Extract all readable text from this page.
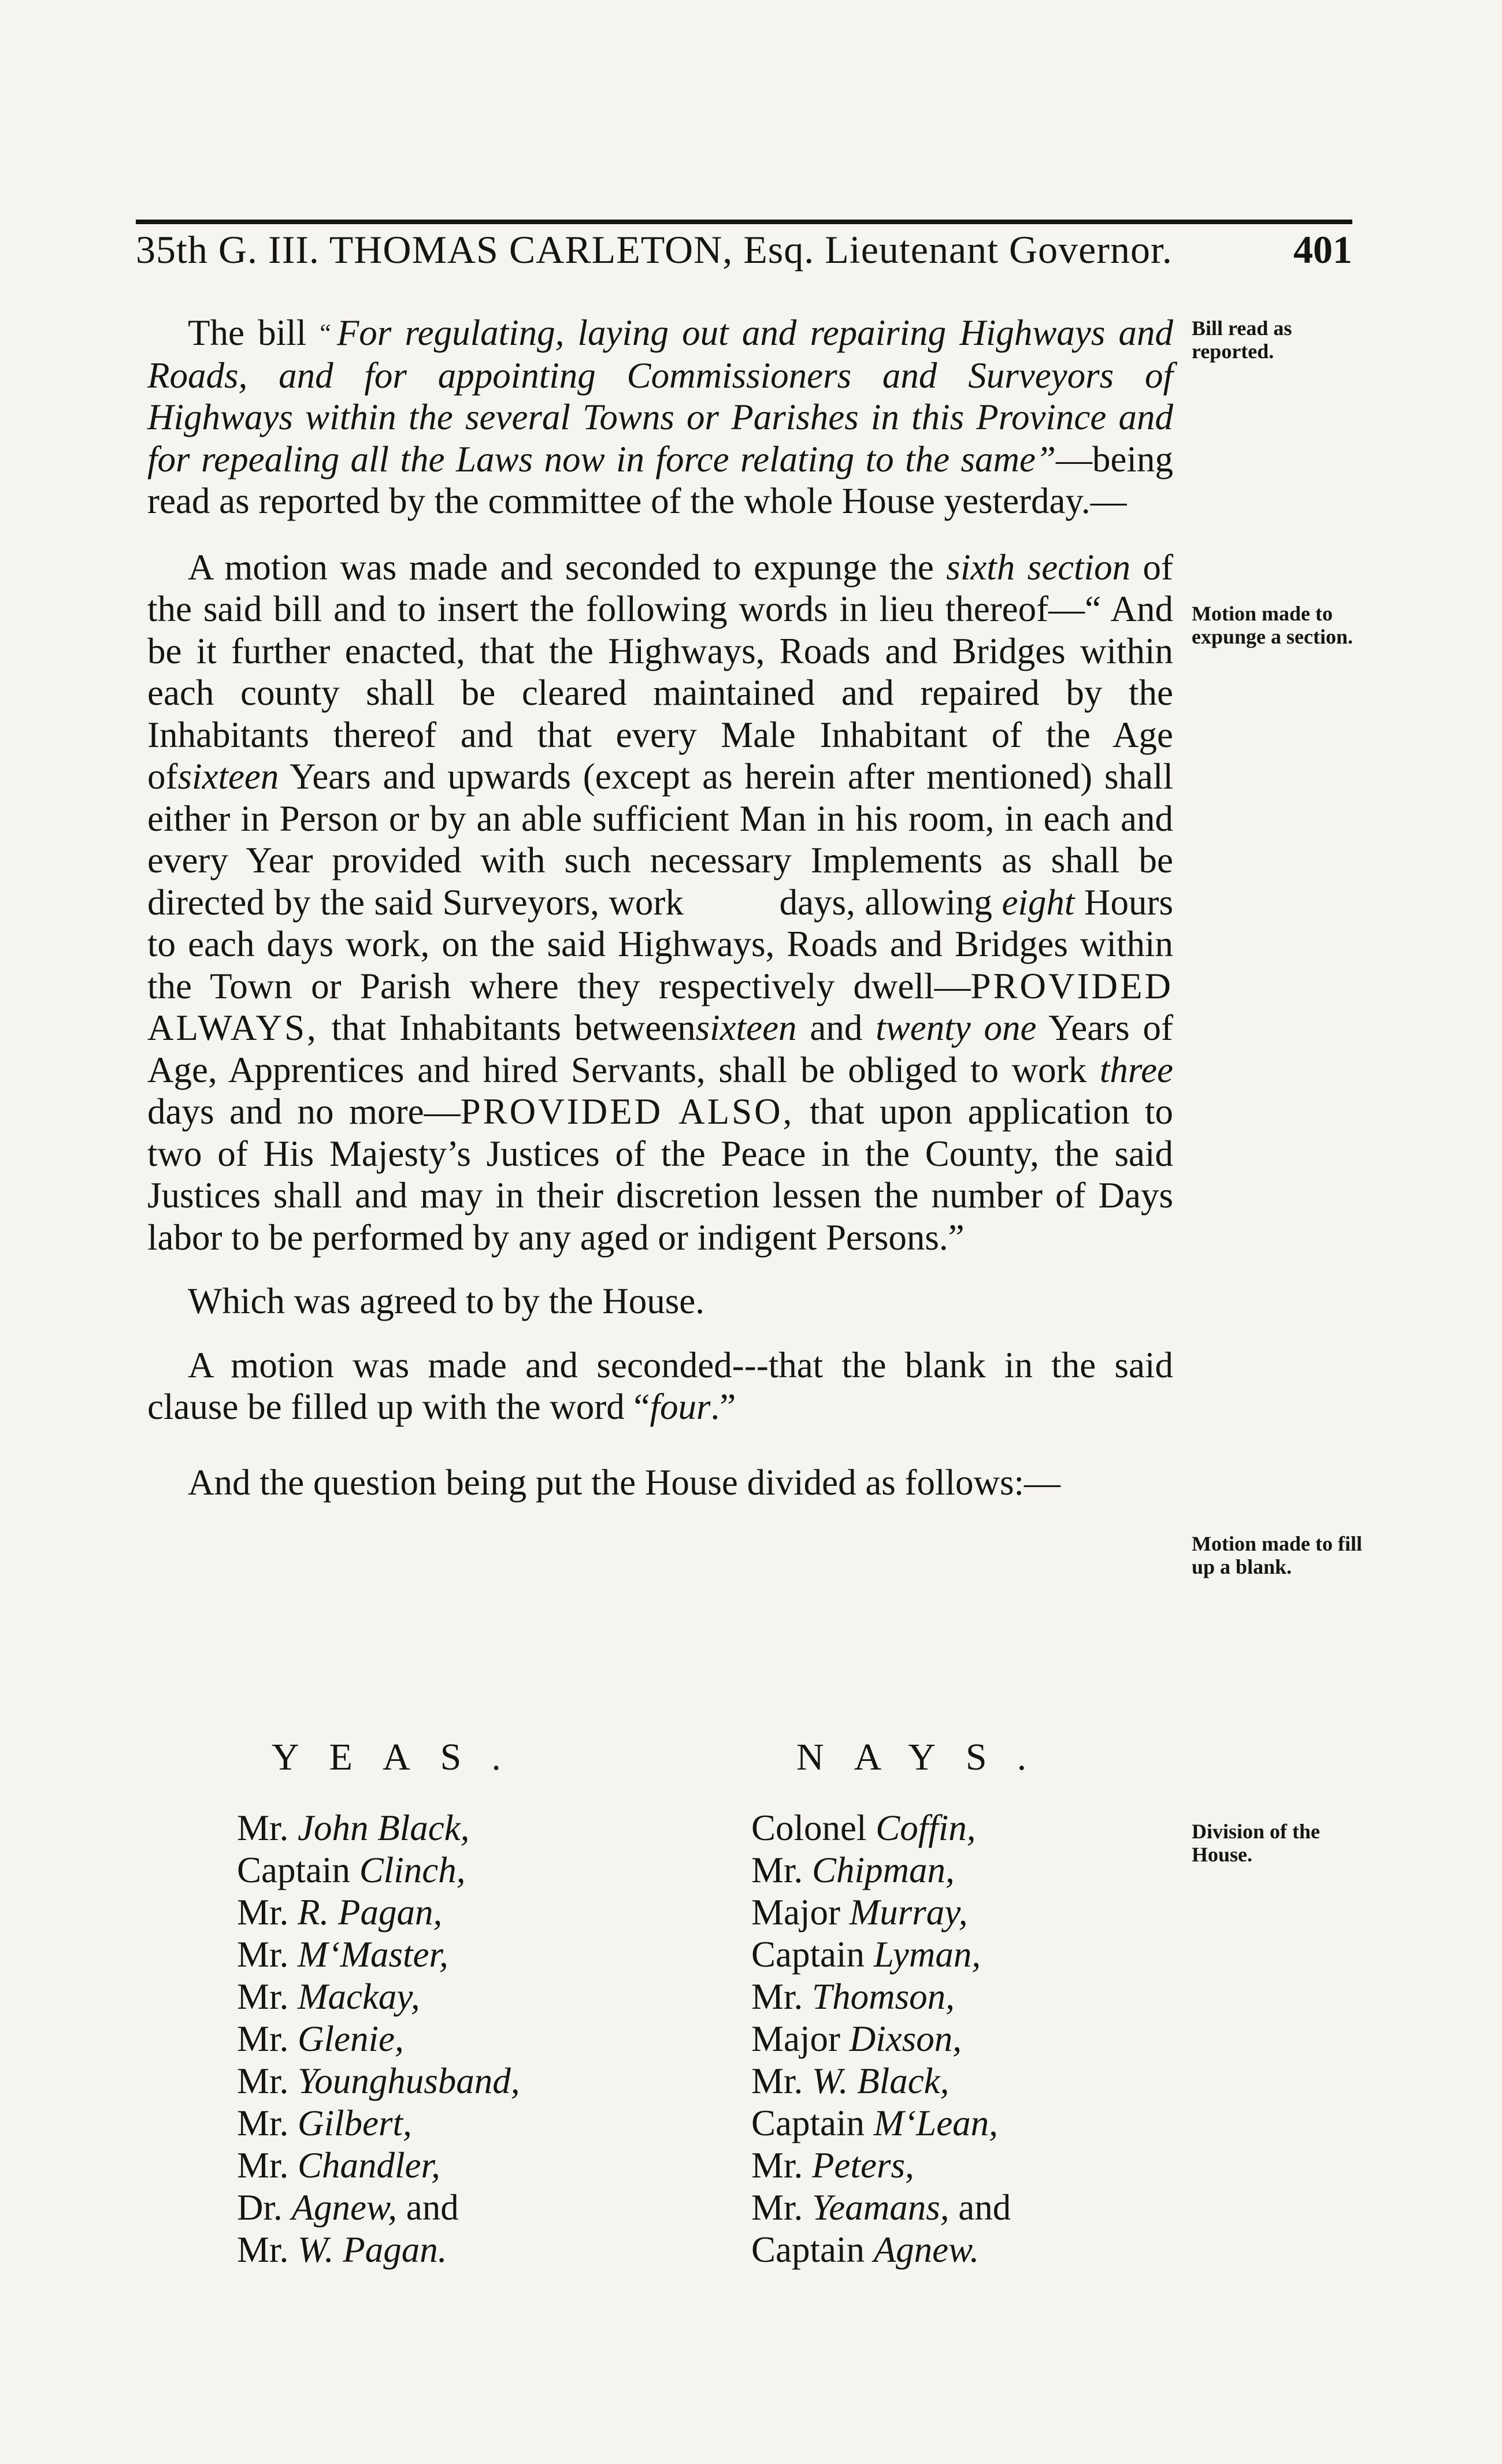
35th G. III. THOMAS CARLETON, Esq. Lieutenant Governor.	401
Bill read as reported.
Motion made to expunge a section.
Motion made to fill up a blank.
Division of the House.

The bill “ For regulating, laying out and repairing Highways and Roads, and for appointing Commissioners and Surveyors of Highways within the several Towns or Parishes in this Province and for repealing all the Laws now in force relating to the same”—being read as reported by the committee of the whole House yesterday.—

A motion was made and seconded to expunge the sixth section of the said bill and to insert the following words in lieu thereof—“ And be it further enacted, that the Highways, Roads and Bridges within each county shall be cleared maintained and repaired by the Inhabitants thereof and that every Male Inhabitant of the Age ofsixteen Years and upwards (except as herein after mentioned) shall either in Person or by an able sufficient Man in his room, in each and every Year provided with such necessary Implements as shall be directed by the said Surveyors, work          days, allowing eight Hours to each days work, on the said Highways, Roads and Bridges within the Town or Parish where they respectively dwell—PROVIDED ALWAYS, that Inhabitants betweensixteen and twenty one Years of Age, Apprentices and hired Servants, shall be obliged to work three days and no more—PROVIDED ALSO, that upon application to two of His Majesty’s Justices of the Peace in the County, the said Justices shall and may in their discretion lessen the number of Days labor to be performed by any aged or indigent Persons.”

Which was agreed to by the House.

A motion was made and seconded---that the blank in the said clause be filled up with the word “four.”

And the question being put the House divided as follows:—

YEAS.	NAYS.
Mr. John Black,
Captain Clinch,
Mr. R. Pagan,
Mr. M‘Master,
Mr. Mackay,
Mr. Glenie,
Mr. Younghusband,
Mr. Gilbert,
Mr. Chandler,
Dr. Agnew, and
Mr. W. Pagan.
Colonel Coffin,
Mr. Chipman,
Major Murray,
Captain Lyman,
Mr. Thomson,
Major Dixson,
Mr. W. Black,
Captain M‘Lean,
Mr. Peters,
Mr. Yeamans, and
Captain Agnew.
